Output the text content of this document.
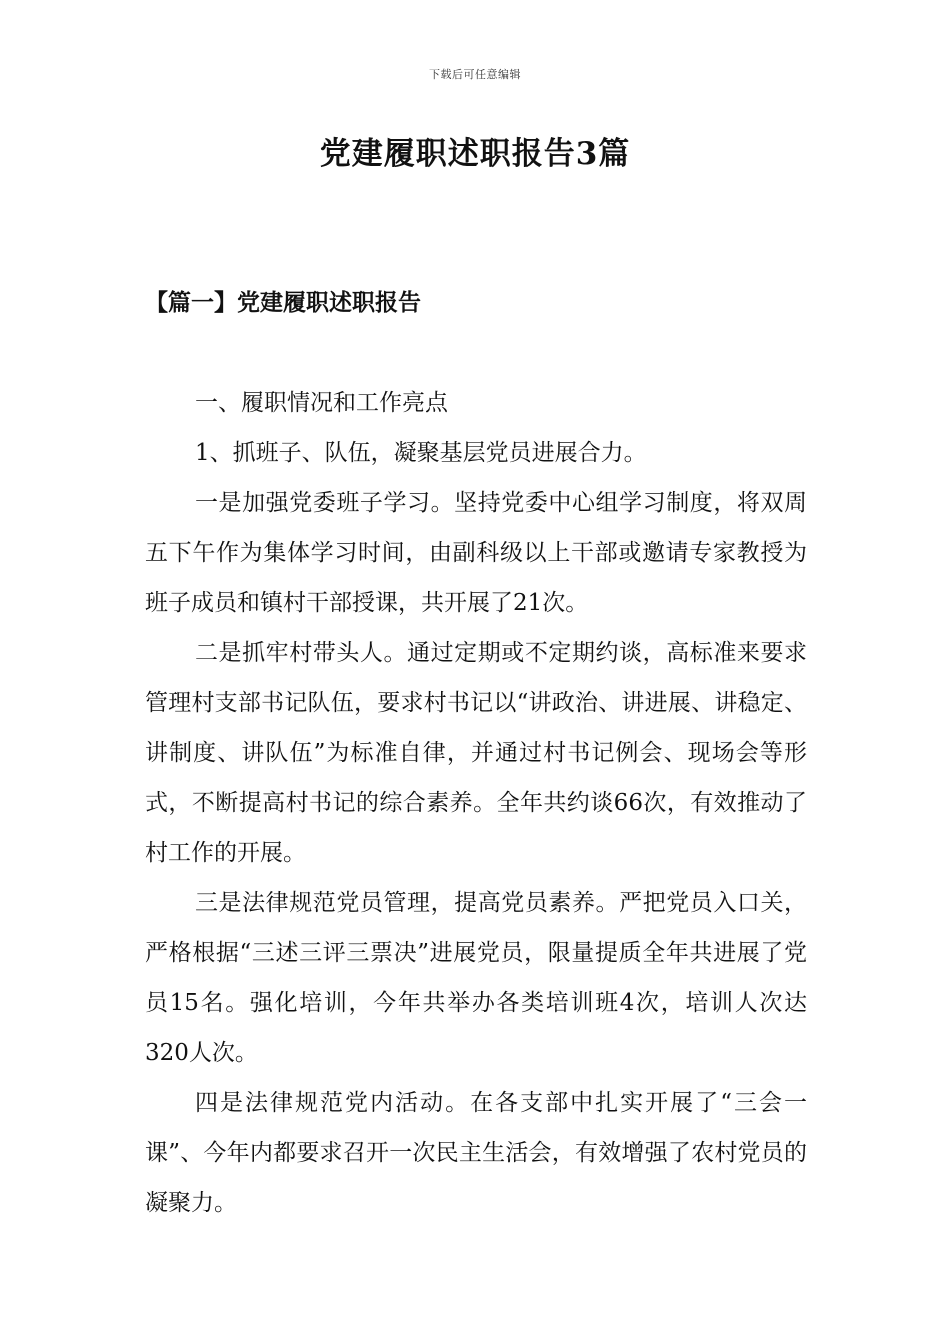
下载后可任意编辑
党建履职述职报告3篇
【篇一】党建履职述职报告

一、履职情况和工作亮点

1、抓班子、队伍，凝聚基层党员进展合力。

一是加强党委班子学习。坚持党委中心组学习制度，将双周五下午作为集体学习时间，由副科级以上干部或邀请专家教授为班子成员和镇村干部授课，共开展了21次。

二是抓牢村带头人。通过定期或不定期约谈，高标准来要求管理村支部书记队伍，要求村书记以“讲政治、讲进展、讲稳定、讲制度、讲队伍”为标准自律，并通过村书记例会、现场会等形式，不断提高村书记的综合素养。全年共约谈66次，有效推动了村工作的开展。

三是法律规范党员管理，提高党员素养。严把党员入口关，严格根据“三述三评三票决”进展党员，限量提质全年共进展了党员15名。强化培训，今年共举办各类培训班4次，培训人次达320人次。

四是法律规范党内活动。在各支部中扎实开展了“三会一课”、今年内都要求召开一次民主生活会，有效增强了农村党员的凝聚力。
